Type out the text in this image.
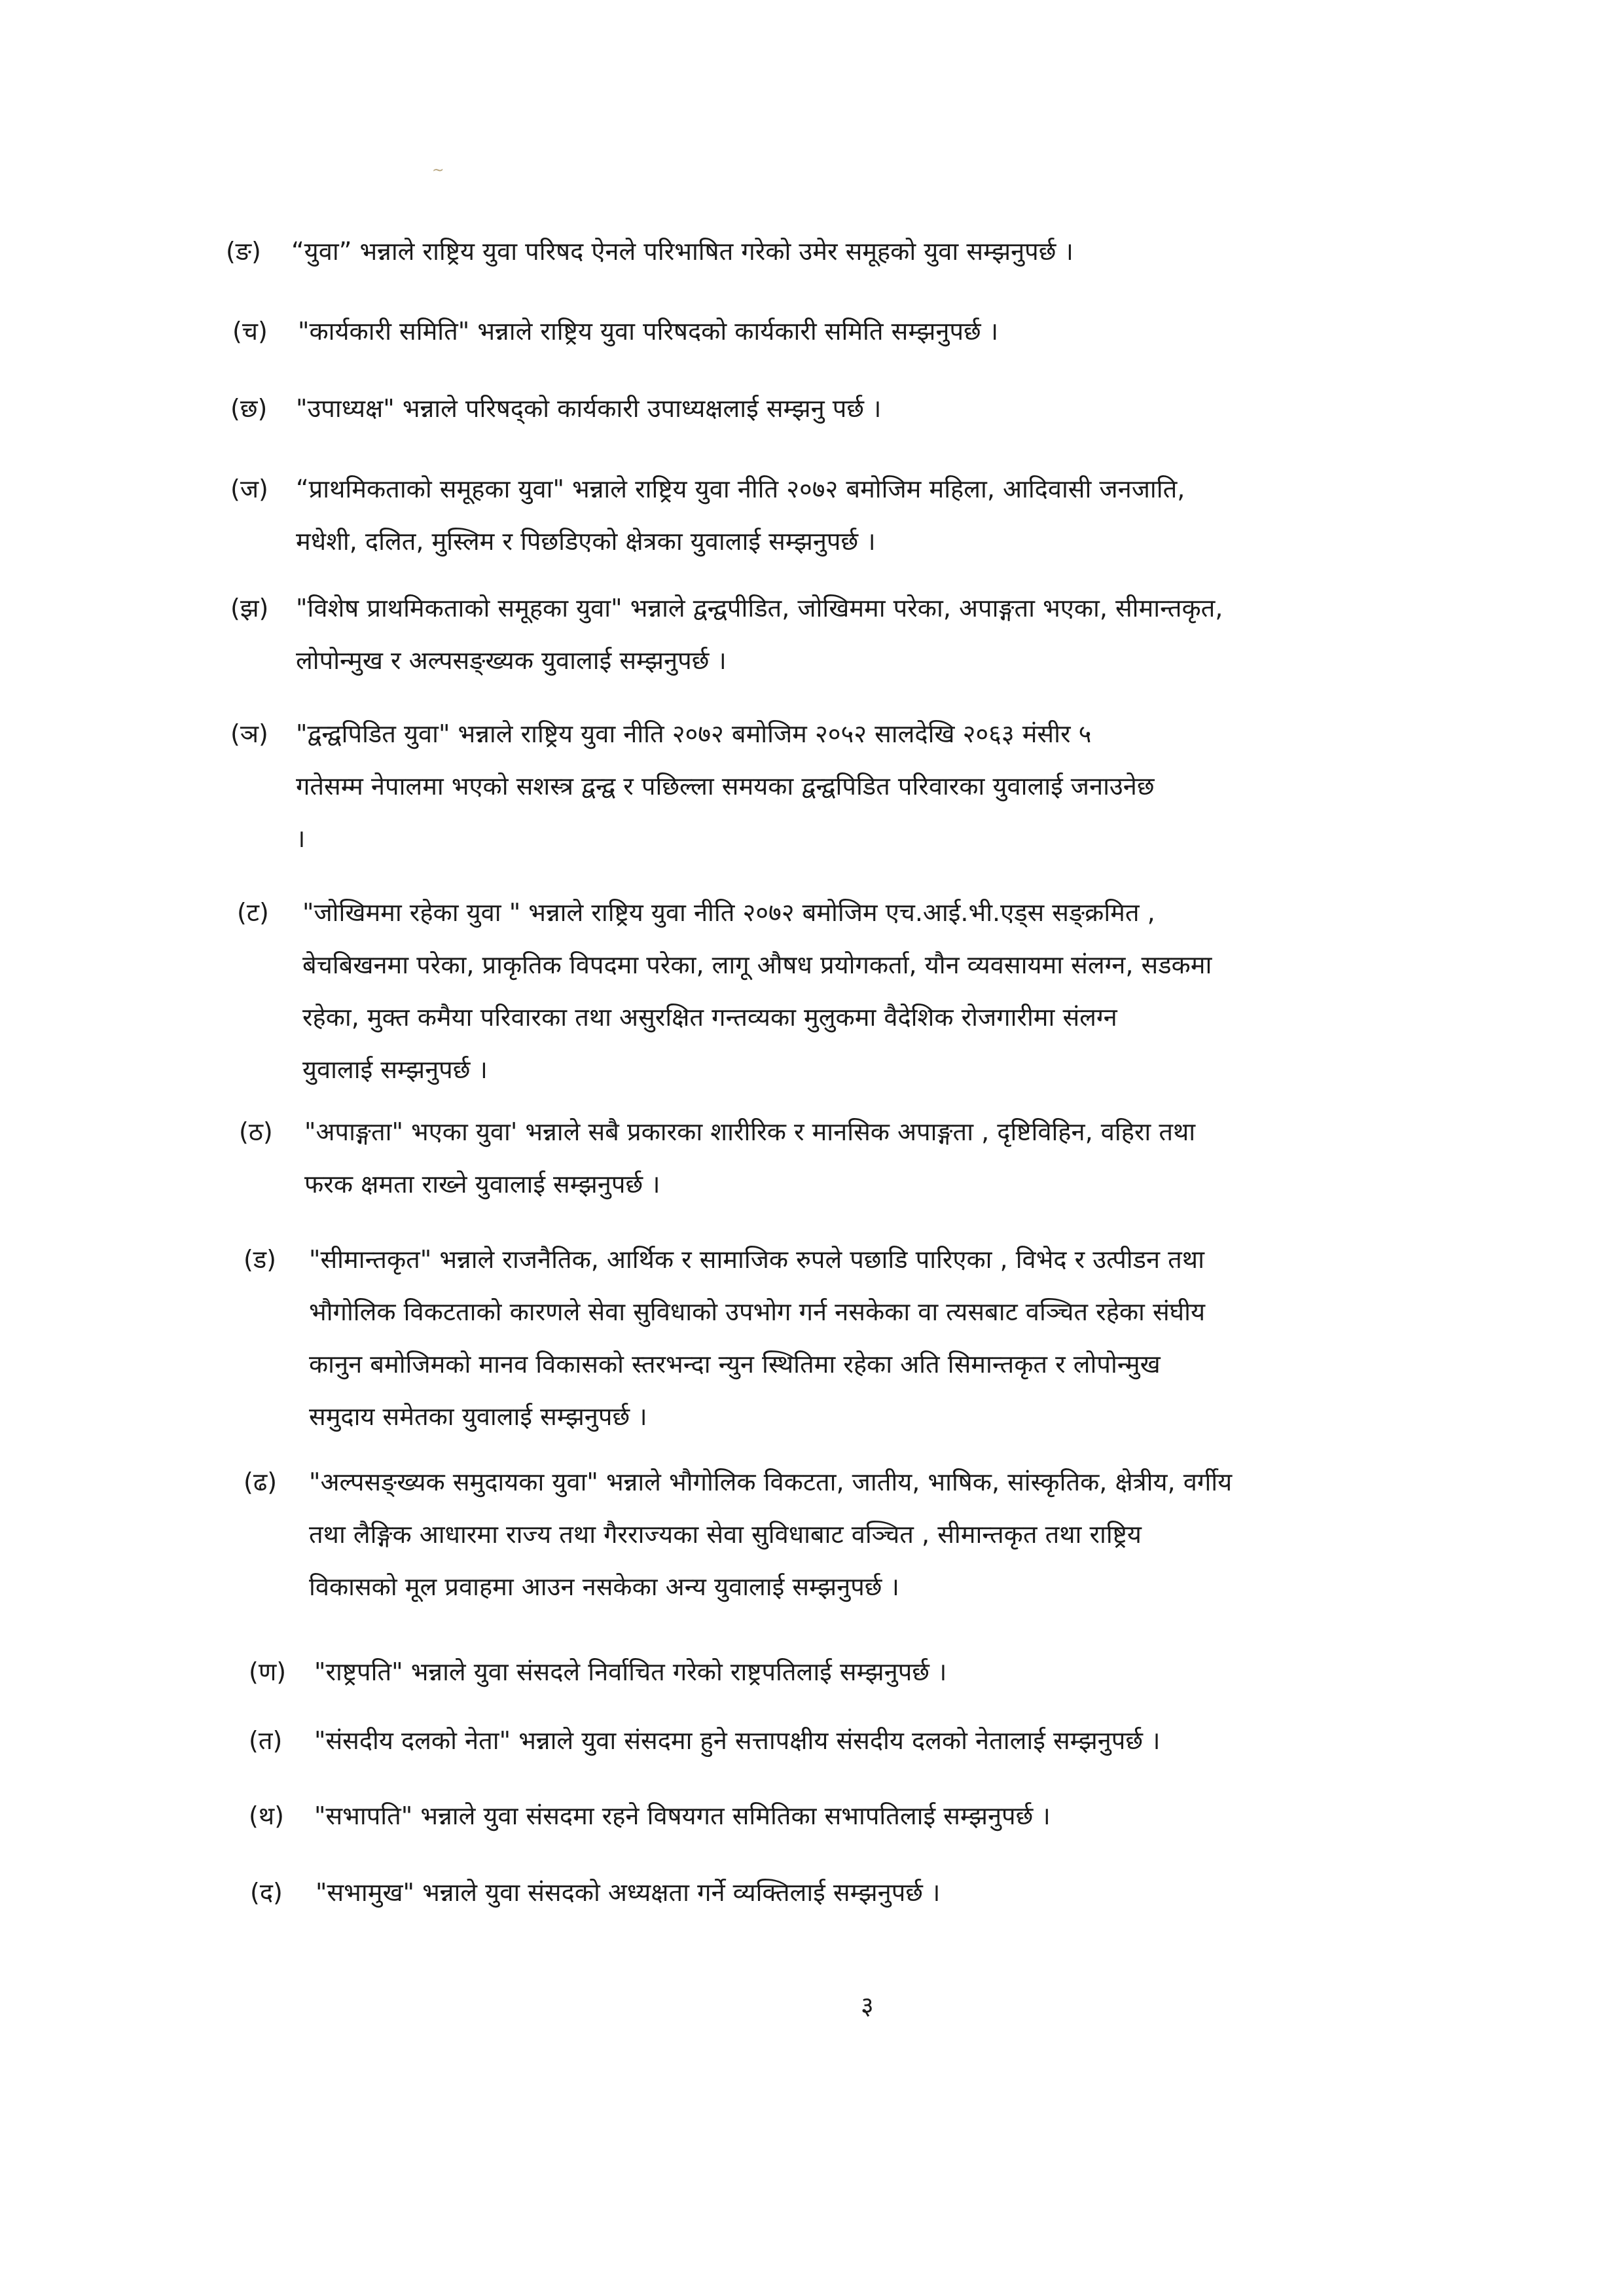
~
(ङ) “युवा” भन्नाले राष्ट्रिय युवा परिषद ऐनले परिभाषित गरेको उमेर समूहको युवा सम्झनुपर्छ ।
(च) "कार्यकारी समिति" भन्नाले राष्ट्रिय युवा परिषदको कार्यकारी समिति सम्झनुपर्छ ।
(छ) "उपाध्यक्ष" भन्नाले परिषद्को कार्यकारी उपाध्यक्षलाई सम्झनु पर्छ ।
(ज) “प्राथमिकताको समूहका युवा" भन्नाले राष्ट्रिय युवा नीति २०७२ बमोजिम महिला, आदिवासी जनजाति,
मधेशी, दलित, मुस्लिम र पिछडिएको क्षेत्रका युवालाई सम्झनुपर्छ ।
(झ) "विशेष प्राथमिकताको समूहका युवा" भन्नाले द्वन्द्वपीडित, जोखिममा परेका, अपाङ्गता भएका, सीमान्तकृत,
लोपोन्मुख र अल्पसङ्ख्यक युवालाई सम्झनुपर्छ ।
(ञ) "द्वन्द्वपिडित युवा" भन्नाले राष्ट्रिय युवा नीति २०७२ बमोजिम २०५२ सालदेखि २०६३ मंसीर ५
गतेसम्म नेपालमा भएको सशस्त्र द्वन्द्व र पछिल्ला समयका द्वन्द्वपिडित परिवारका युवालाई जनाउनेछ
।
(ट) "जोखिममा रहेका युवा " भन्नाले राष्ट्रिय युवा नीति २०७२ बमोजिम एच.आई.भी.एड्स सङ्क्रमित ,
बेचबिखनमा परेका, प्राकृतिक विपदमा परेका, लागू औषध प्रयोगकर्ता, यौन व्यवसायमा संलग्न, सडकमा
रहेका, मुक्त कमैया परिवारका तथा असुरक्षित गन्तव्यका मुलुकमा वैदेशिक रोजगारीमा संलग्न
युवालाई सम्झनुपर्छ ।
(ठ) "अपाङ्गता" भएका युवा' भन्नाले सबै प्रकारका शारीरिक र मानसिक अपाङ्गता , दृष्टिविहिन, वहिरा तथा
फरक क्षमता राख्ने युवालाई सम्झनुपर्छ ।
(ड) "सीमान्तकृत" भन्नाले राजनैतिक, आर्थिक र सामाजिक रुपले पछाडि पारिएका , विभेद र उत्पीडन तथा
भौगोलिक विकटताको कारणले सेवा सुविधाको उपभोग गर्न नसकेका वा त्यसबाट वञ्चित रहेका संघीय
कानुन बमोजिमको मानव विकासको स्तरभन्दा न्युन स्थितिमा रहेका अति सिमान्तकृत र लोपोन्मुख
समुदाय समेतका युवालाई सम्झनुपर्छ ।
(ढ) "अल्पसङ्ख्यक समुदायका युवा" भन्नाले भौगोलिक विकटता, जातीय, भाषिक, सांस्कृतिक, क्षेत्रीय, वर्गीय
तथा लैङ्गिक आधारमा राज्य तथा गैरराज्यका सेवा सुविधाबाट वञ्चित , सीमान्तकृत तथा राष्ट्रिय
विकासको मूल प्रवाहमा आउन नसकेका अन्य युवालाई सम्झनुपर्छ ।
(ण) "राष्ट्रपति" भन्नाले युवा संसदले निर्वाचित गरेको राष्ट्रपतिलाई सम्झनुपर्छ ।
(त) "संसदीय दलको नेता" भन्नाले युवा संसदमा हुने सत्तापक्षीय संसदीय दलको नेतालाई सम्झनुपर्छ ।
(थ) "सभापति" भन्नाले युवा संसदमा रहने विषयगत समितिका सभापतिलाई सम्झनुपर्छ ।
(द) "सभामुख" भन्नाले युवा संसदको अध्यक्षता गर्ने व्यक्तिलाई सम्झनुपर्छ ।
३
